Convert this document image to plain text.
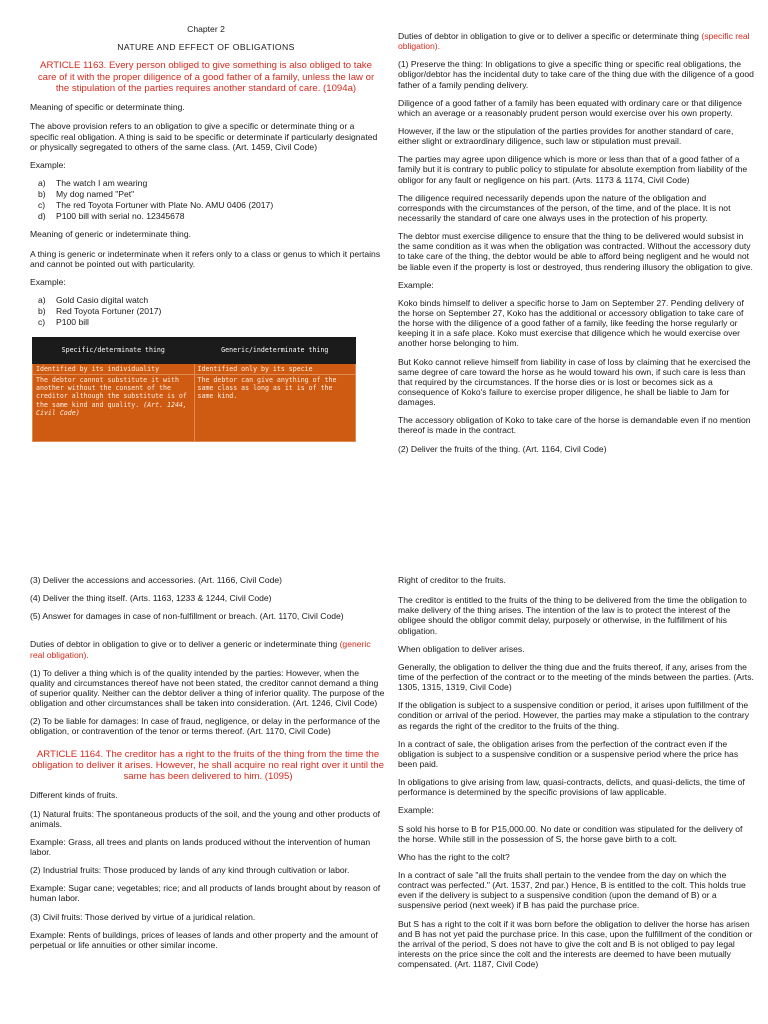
Chapter 2

NATURE AND EFFECT OF OBLIGATIONS

ARTICLE 1163. Every person obliged to give something is also obliged to take care of it with the proper diligence of a good father of a family, unless the law or the stipulation of the parties requires another standard of care. (1094a)

Meaning of specific or determinate thing.

The above provision refers to an obligation to give a specific or determinate thing or a specific real obligation. A thing is said to be specific or determinate if particularly designated or physically segregated to others of the same class. (Art. 1459, Civil Code)

Example:

a) The watch I am wearing
b) My dog named "Pet"
c) The red Toyota Fortuner with Plate No. AMU 0406 (2017)
d) P100 bill with serial no. 12345678

Meaning of generic or indeterminate thing.

A thing is generic or indeterminate when it refers only to a class or genus to which it pertains and cannot be pointed out with particularity.

Example:

a) Gold Casio digital watch
b) Red Toyota Fortuner (2017)
c) P100 bill
Specific/determinate thing	Generic/indeterminate thing
Identified by its individuality	Identified only by its specie
The debtor cannot substitute it with another without the consent of the creditor although the substitute is of the same kind and quality. (Art. 1244, Civil Code)	The debtor can give anything of the same class as long as it is of the same kind.

Duties of debtor in obligation to give or to deliver a specific or determinate thing (specific real obligation).

(1) Preserve the thing: In obligations to give a specific thing or specific real obligations, the obligor/debtor has the incidental duty to take care of the thing due with the diligence of a good father of a family pending delivery.

Diligence of a good father of a family has been equated with ordinary care or that diligence which an average or a reasonably prudent person would exercise over his own property.

However, if the law or the stipulation of the parties provides for another standard of care, either slight or extraordinary diligence, such law or stipulation must prevail.

The parties may agree upon diligence which is more or less than that of a good father of a family but it is contrary to public policy to stipulate for absolute exemption from liability of the obligor for any fault or negligence on his part. (Arts. 1173 & 1174, Civil Code)

The diligence required necessarily depends upon the nature of the obligation and corresponds with the circumstances of the person, of the time, and of the place. It is not necessarily the standard of care one always uses in the protection of his property.

The debtor must exercise diligence to ensure that the thing to be delivered would subsist in the same condition as it was when the obligation was contracted. Without the accessory duty to take care of the thing, the debtor would be able to afford being negligent and he would not be liable even if the property is lost or destroyed, thus rendering illusory the obligation to give.

Example:

Koko binds himself to deliver a specific horse to Jam on September 27. Pending delivery of the horse on September 27, Koko has the additional or accessory obligation to take care of the horse with the diligence of a good father of a family, like feeding the horse regularly or keeping it in a safe place. Koko must exercise that diligence which he would exercise over another horse belonging to him.

But Koko cannot relieve himself from liability in case of loss by claiming that he exercised the same degree of care toward the horse as he would toward his own, if such care is less than that required by the circumstances. If the horse dies or is lost or becomes sick as a consequence of Koko's failure to exercise proper diligence, he shall be liable to Jam for damages.

The accessory obligation of Koko to take care of the horse is demandable even if no mention thereof is made in the contract.

(2) Deliver the fruits of the thing. (Art. 1164, Civil Code)

(3) Deliver the accessions and accessories. (Art. 1166, Civil Code)

(4) Deliver the thing itself. (Arts. 1163, 1233 & 1244, Civil Code)

(5) Answer for damages in case of non-fulfillment or breach. (Art. 1170, Civil Code)

Duties of debtor in obligation to give or to deliver a generic or indeterminate thing (generic real obligation).

(1) To deliver a thing which is of the quality intended by the parties: However, when the quality and circumstances thereof have not been stated, the creditor cannot demand a thing of superior quality. Neither can the debtor deliver a thing of inferior quality. The purpose of the obligation and other circumstances shall be taken into consideration. (Art. 1246, Civil Code)

(2) To be liable for damages: In case of fraud, negligence, or delay in the performance of the obligation, or contravention of the tenor or terms thereof. (Art. 1170, Civil Code)

ARTICLE 1164. The creditor has a right to the fruits of the thing from the time the obligation to deliver it arises. However, he shall acquire no real right over it until the same has been delivered to him. (1095)

Different kinds of fruits.

(1) Natural fruits: The spontaneous products of the soil, and the young and other products of animals.

Example: Grass, all trees and plants on lands produced without the intervention of human labor.

(2) Industrial fruits: Those produced by lands of any kind through cultivation or labor.

Example: Sugar cane; vegetables; rice; and all products of lands brought about by reason of human labor.

(3) Civil fruits: Those derived by virtue of a juridical relation.

Example: Rents of buildings, prices of leases of lands and other property and the amount of perpetual or life annuities or other similar income.

Right of creditor to the fruits.

The creditor is entitled to the fruits of the thing to be delivered from the time the obligation to make delivery of the thing arises. The intention of the law is to protect the interest of the obligee should the obligor commit delay, purposely or otherwise, in the fulfillment of his obligation.

When obligation to deliver arises.

Generally, the obligation to deliver the thing due and the fruits thereof, if any, arises from the time of the perfection of the contract or to the meeting of the minds between the parties. (Arts. 1305, 1315, 1319, Civil Code)

If the obligation is subject to a suspensive condition or period, it arises upon fulfillment of the condition or arrival of the period. However, the parties may make a stipulation to the contrary as regards the right of the creditor to the fruits of the thing.

In a contract of sale, the obligation arises from the perfection of the contract even if the obligation is subject to a suspensive condition or a suspensive period where the price has been paid.

In obligations to give arising from law, quasi-contracts, delicts, and quasi-delicts, the time of performance is determined by the specific provisions of law applicable.

Example:

S sold his horse to B for P15,000.00. No date or condition was stipulated for the delivery of the horse. While still in the possession of S, the horse gave birth to a colt.

Who has the right to the colt?

In a contract of sale "all the fruits shall pertain to the vendee from the day on which the contract was perfected." (Art. 1537, 2nd par.) Hence, B is entitled to the colt. This holds true even if the delivery is subject to a suspensive condition (upon the demand of B) or a suspensive period (next week) if B has paid the purchase price.

But S has a right to the colt if it was born before the obligation to deliver the horse has arisen and B has not yet paid the purchase price. In this case, upon the fulfillment of the condition or the arrival of the period, S does not have to give the colt and B is not obliged to pay legal interests on the price since the colt and the interests are deemed to have been mutually compensated. (Art. 1187, Civil Code)
